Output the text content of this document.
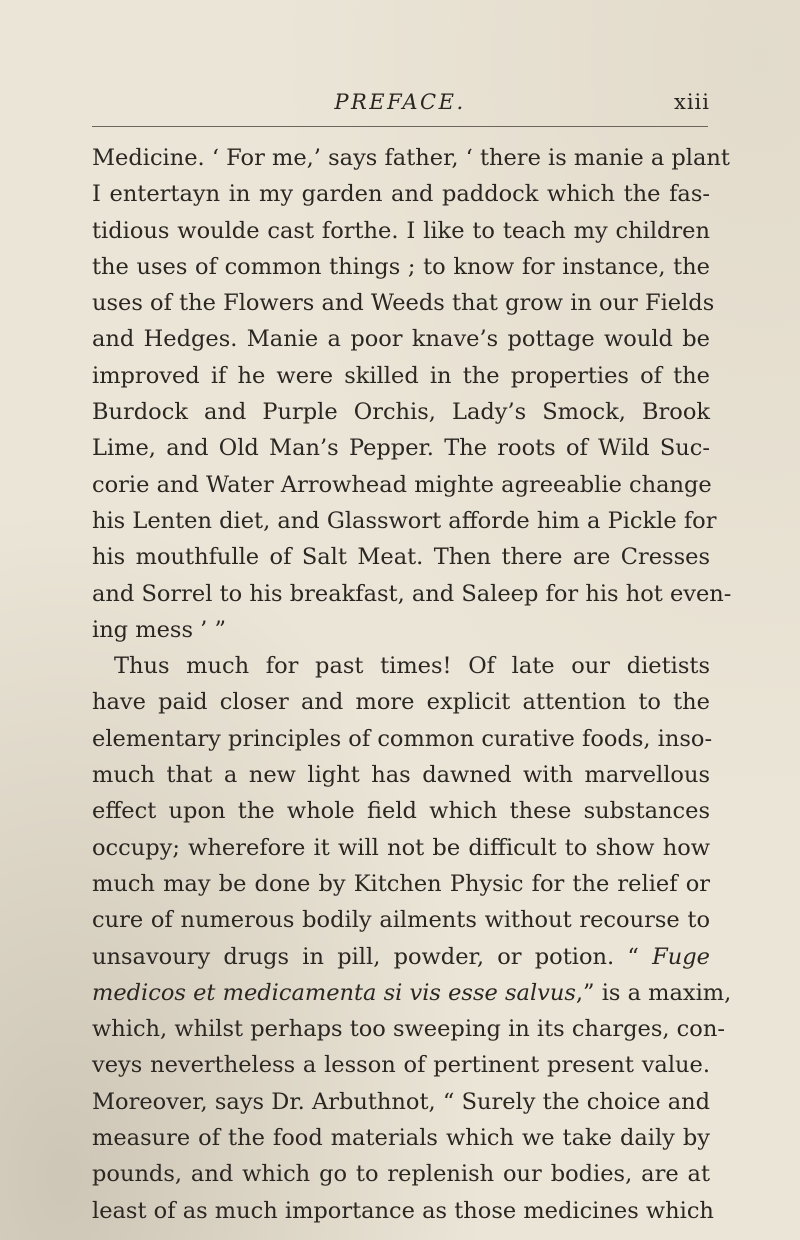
PREFACE.	xiii
Medicine. ‘ For me,’ says father, ‘ there is manie a plant
I entertayn in my garden and paddock which the fas-
tidious woulde cast forthe. I like to teach my children
the uses of common things ; to know for instance, the
uses of the Flowers and Weeds that grow in our Fields
and Hedges. Manie a poor knave’s pottage would be
improved if he were skilled in the properties of the
Burdock and Purple Orchis, Lady’s Smock, Brook
Lime, and Old Man’s Pepper. The roots of Wild Suc-
corie and Water Arrowhead mighte agreeablie change
his Lenten diet, and Glasswort afforde him a Pickle for
his mouthfulle of Salt Meat. Then there are Cresses
and Sorrel to his breakfast, and Saleep for his hot even-
ing mess ’ ”
Thus much for past times! Of late our dietists
have paid closer and more explicit attention to the
elementary principles of common curative foods, inso-
much that a new light has dawned with marvellous
effect upon the whole field which these substances
occupy; wherefore it will not be difficult to show how
much may be done by Kitchen Physic for the relief or
cure of numerous bodily ailments without recourse to
unsavoury drugs in pill, powder, or potion. “ Fuge
medicos et medicamenta si vis esse salvus,” is a maxim,
which, whilst perhaps too sweeping in its charges, con-
veys nevertheless a lesson of pertinent present value.
Moreover, says Dr. Arbuthnot, “ Surely the choice and
measure of the food materials which we take daily by
pounds, and which go to replenish our bodies, are at
least of as much importance as those medicines which
